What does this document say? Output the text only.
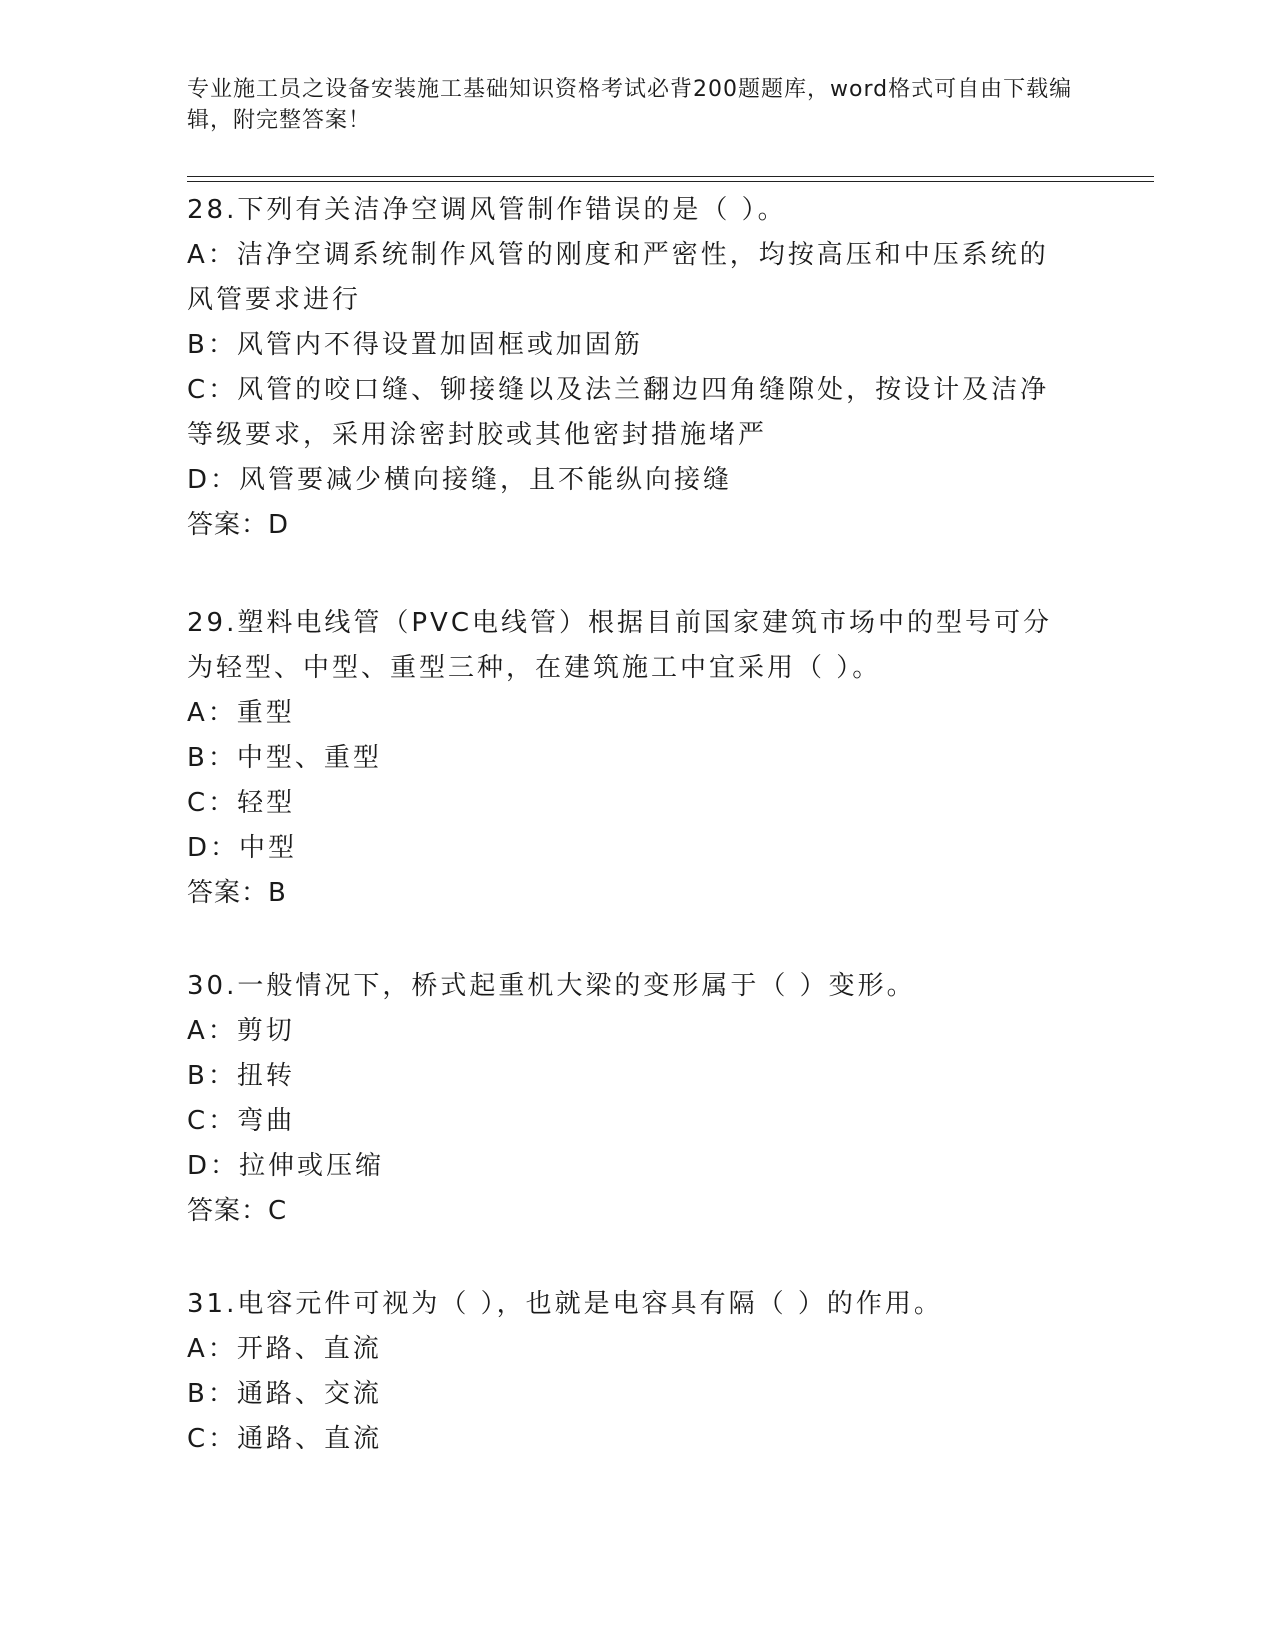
专业施工员之设备安装施工基础知识资格考试必背200题题库，word格式可自由下载编辑，附完整答案！

28.下列有关洁净空调风管制作错误的是（ ）。

A：洁净空调系统制作风管的刚度和严密性，均按高压和中压系统的风管要求进行

B：风管内不得设置加固框或加固筋

C：风管的咬口缝、铆接缝以及法兰翻边四角缝隙处，按设计及洁净等级要求，采用涂密封胶或其他密封措施堵严

D：风管要减少横向接缝，且不能纵向接缝

答案：D

29.塑料电线管（PVC电线管）根据目前国家建筑市场中的型号可分为轻型、中型、重型三种，在建筑施工中宜采用（ ）。

A：重型

B：中型、重型

C：轻型

D：中型

答案：B

30.一般情况下，桥式起重机大梁的变形属于（ ）变形。

A：剪切

B：扭转

C：弯曲

D：拉伸或压缩

答案：C

31.电容元件可视为（ ），也就是电容具有隔（ ）的作用。

A：开路、直流

B：通路、交流

C：通路、直流
